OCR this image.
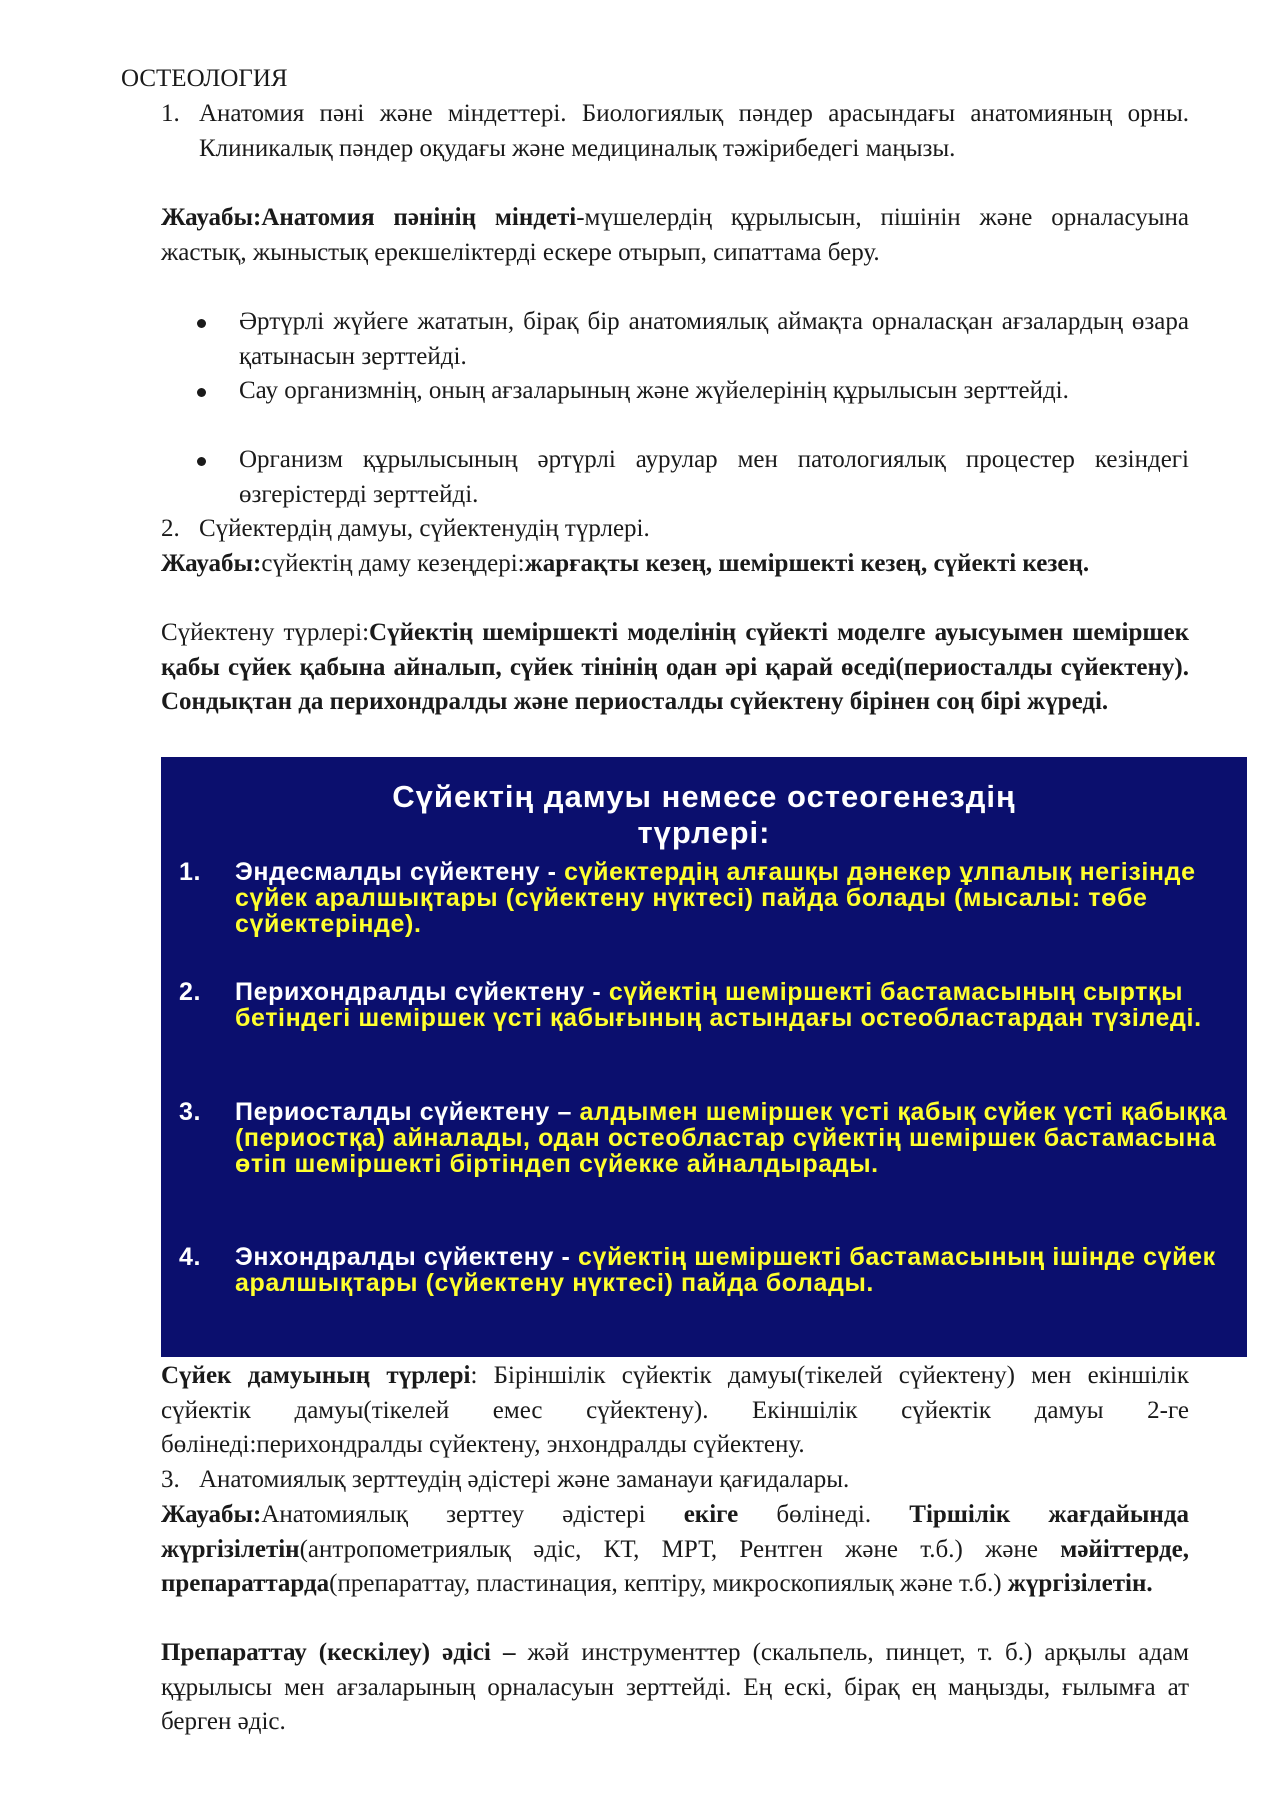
ОСТЕОЛОГИЯ
1. Анатомия пәні және міндеттері. Биологиялық пәндер арасындағы анатомияның орны. Клиникалық пәндер оқудағы және медициналық тәжірибедегі маңызы.
Жауабы:Анатомия пәнінің міндеті-мүшелердің құрылысын, пішінін және орналасуына жастық, жыныстық ерекшеліктерді ескере отырып, сипаттама беру.
Әртүрлі жүйеге жататын, бірақ бір анатомиялық аймақта орналасқан ағзалардың өзара қатынасын зерттейді.
Сау организмнің, оның ағзаларының және жүйелерінің құрылысын зерттейді.
Организм құрылысының әртүрлі аурулар мен патологиялық процестер кезіндегі өзгерістерді зерттейді.
2. Сүйектердің дамуы, сүйектенудің түрлері.
Жауабы:сүйектің даму кезеңдері:жарғақты кезең, шеміршекті кезең, сүйекті кезең.
Сүйектену түрлері:Сүйектің шеміршекті моделінің сүйекті моделге ауысуымен шеміршек қабы сүйек қабына айналып, сүйек тінінің одан әрі қарай өседі(периосталды сүйектену). Сондықтан да перихондралды және периосталды сүйектену бірінен соң бірі жүреді.
Сүйектің дамуы немесе остеогенездің
түрлері:
1. Эндесмалды сүйектену - сүйектердің алғашқы дәнекер ұлпалық негізінде сүйек аралшықтары (сүйектену нүктесі) пайда болады (мысалы: төбе сүйектерінде).
2. Перихондралды сүйектену - сүйектің шеміршекті бастамасының сыртқы бетіндегі шеміршек үсті қабығының астындағы остеобластардан түзіледі.
3. Периосталды сүйектену – алдымен шеміршек үсті қабық сүйек үсті қабыққа (периостқа) айналады, одан остеобластар сүйектің шеміршек бастамасына өтіп шеміршекті біртіндеп сүйекке айналдырады.
4. Энхондралды сүйектену - сүйектің шеміршекті бастамасының ішінде сүйек аралшықтары (сүйектену нүктесі) пайда болады.
Сүйек дамуының түрлері: Біріншілік сүйектік дамуы(тікелей сүйектену) мен екіншілік сүйектік дамуы(тікелей емес сүйектену). Екіншілік сүйектік дамуы 2-ге бөлінеді:перихондралды сүйектену, энхондралды сүйектену.
3. Анатомиялық зерттеудің әдістері және заманауи қағидалары.
Жауабы:Анатомиялық зерттеу әдістері екіге бөлінеді. Тіршілік жағдайында жүргізілетін(антропометриялық әдіс, КТ, МРТ, Рентген және т.б.) және мәйіттерде, препараттарда(препараттау, пластинация, кептіру, микроскопиялық және т.б.) жүргізілетін.
Препараттау (кескілеу) әдісі – жәй инструменттер (скальпель, пинцет, т. б.) арқылы адам құрылысы мен ағзаларының орналасуын зерттейді. Ең ескі, бірақ ең маңызды, ғылымға ат берген әдіс.
